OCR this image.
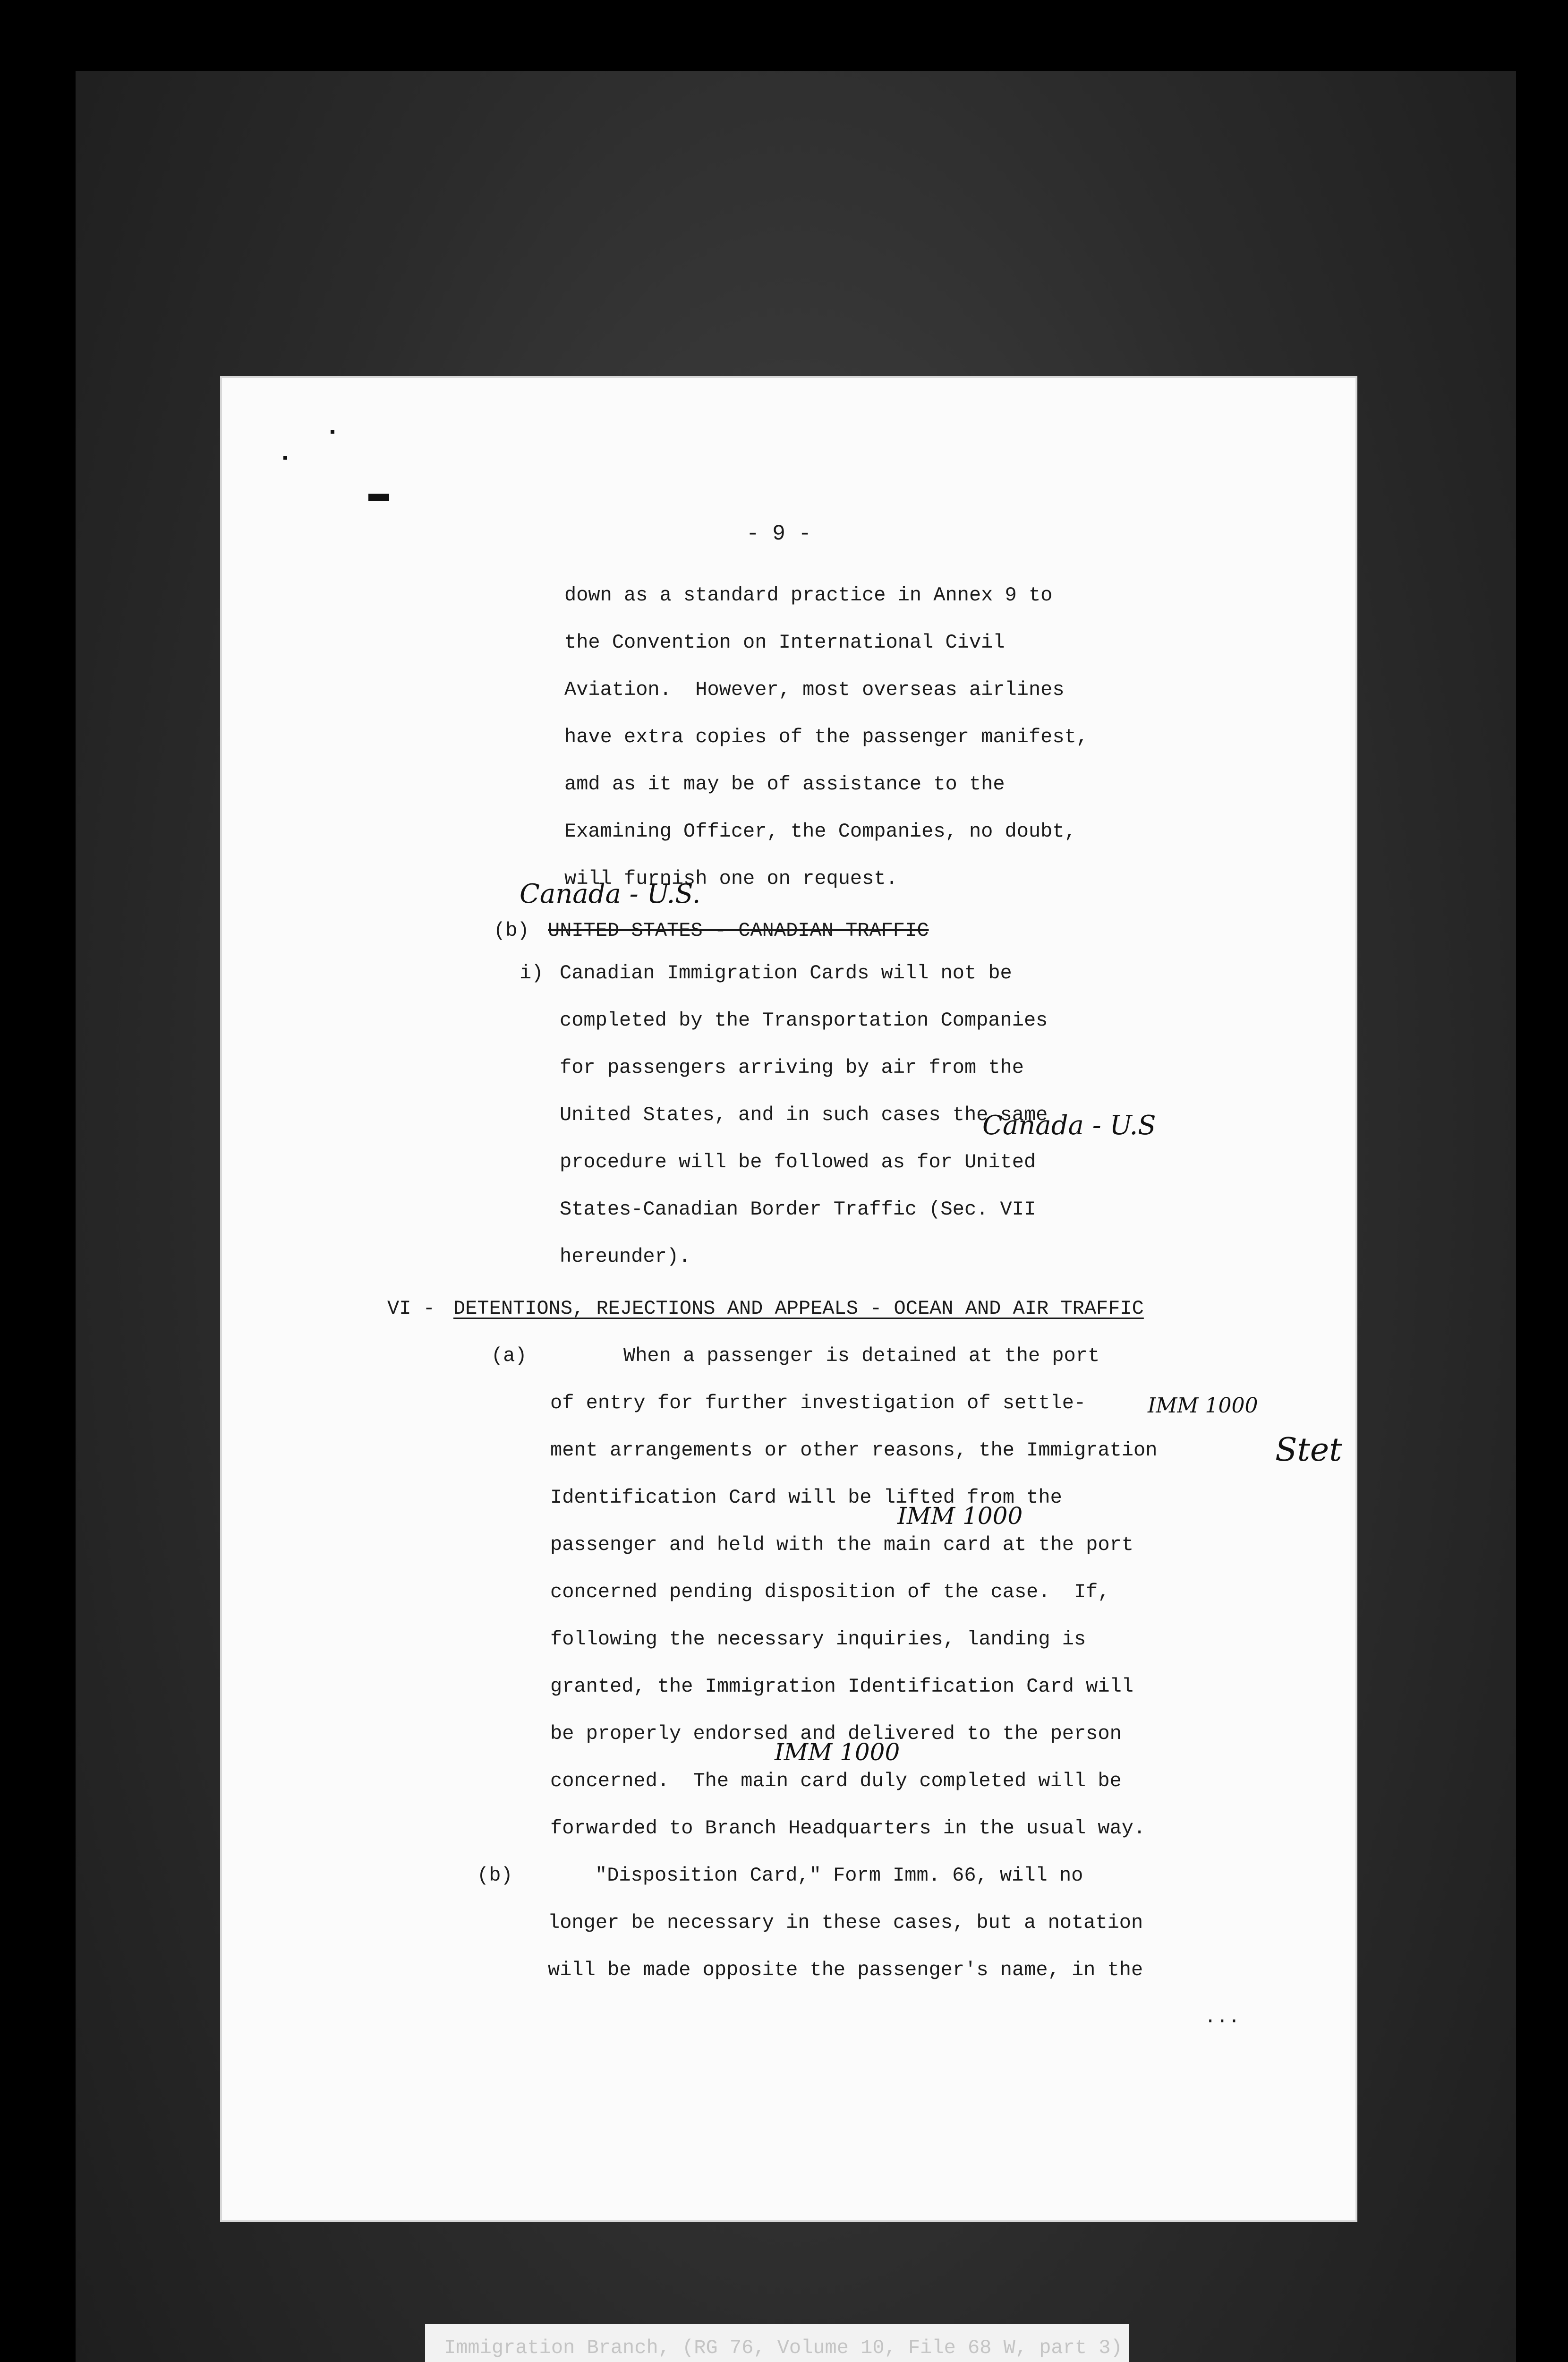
- 9 -
down as a standard practice in Annex 9 to
the Convention on International Civil
Aviation.  However, most overseas airlines
have extra copies of the passenger manifest,
amd as it may be of assistance to the
Examining Officer, the Companies, no doubt,
will furnish one on request.
Canada - U.S.
(b) UNITED STATES - CANADIAN TRAFFIC
i) Canadian Immigration Cards will not be
completed by the Transportation Companies
for passengers arriving by air from the
United States, and in such cases the same
Canada - U.S
procedure will be followed as for United
States-Canadian Border Traffic (Sec. VII
hereunder).
VI - DETENTIONS, REJECTIONS AND APPEALS - OCEAN AND AIR TRAFFIC
(a)	When a passenger is detained at the port
of entry for further investigation of settle-	IMM 1000
ment arrangements or other reasons, the Immigration	Stet
Identification Card will be lifted from the
IMM 1000
passenger and held with the main card at the port
concerned pending disposition of the case.  If,
following the necessary inquiries, landing is
granted, the Immigration Identification Card will
be properly endorsed and delivered to the person
IMM 1000
concerned.  The main card duly completed will be
forwarded to Branch Headquarters in the usual way.
(b)	"Disposition Card," Form Imm. 66, will no
longer be necessary in these cases, but a notation
will be made opposite the passenger's name, in the
...
Immigration Branch, (RG 76, Volume 10, File 68 W, part 3)
